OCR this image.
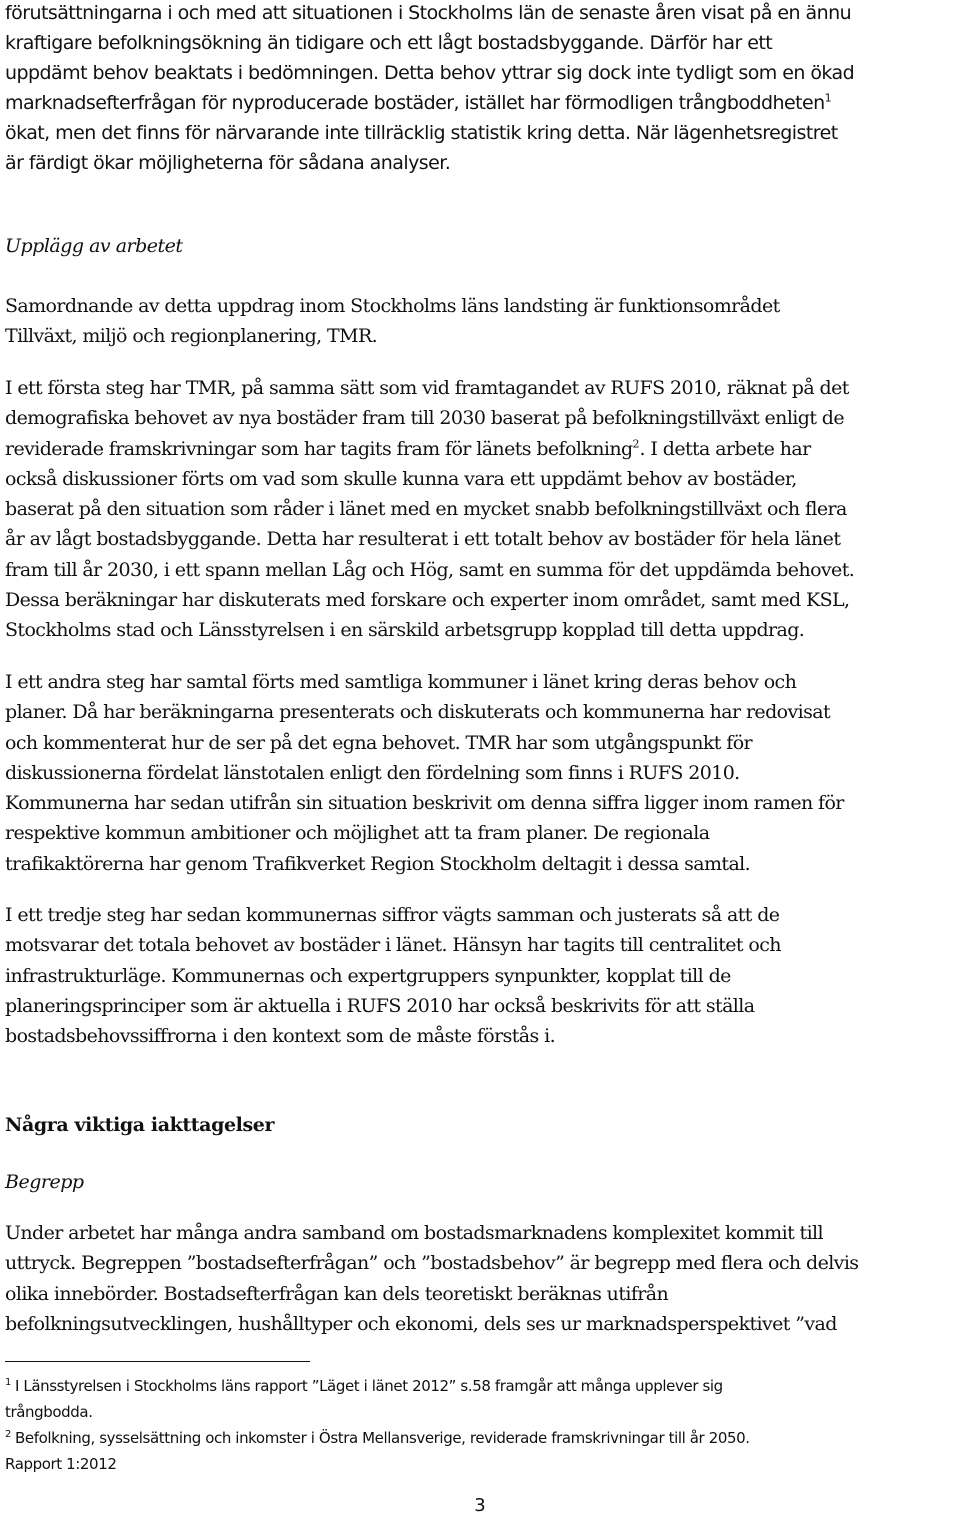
förutsättningarna i och med att situationen i Stockholms län de senaste åren visat på en ännu
kraftigare befolkningsökning än tidigare och ett lågt bostadsbyggande. Därför har ett
uppdämt behov beaktats i bedömningen. Detta behov yttrar sig dock inte tydligt som en ökad
marknadsefterfrågan för nyproducerade bostäder, istället har förmodligen trångboddheten$^1$
ökat, men det finns för närvarande inte tillräcklig statistik kring detta. När lägenhetsregistret
är färdigt ökar möjligheterna för sådana analyser.

Upplägg av arbetet

Samordnande av detta uppdrag inom Stockholms läns landsting är funktionsområdet
Tillväxt, miljö och regionplanering, TMR.

I ett första steg har TMR, på samma sätt som vid framtagandet av RUFS 2010, räknat på det
demografiska behovet av nya bostäder fram till 2030 baserat på befolkningstillväxt enligt de
reviderade framskrivningar som har tagits fram för länets befolkning$^2$. I detta arbete har
också diskussioner förts om vad som skulle kunna vara ett uppdämt behov av bostäder,
baserat på den situation som råder i länet med en mycket snabb befolkningstillväxt och flera
år av lågt bostadsbyggande. Detta har resulterat i ett totalt behov av bostäder för hela länet
fram till år 2030, i ett spann mellan Låg och Hög, samt en summa för det uppdämda behovet.
Dessa beräkningar har diskuterats med forskare och experter inom området, samt med KSL,
Stockholms stad och Länsstyrelsen i en särskild arbetsgrupp kopplad till detta uppdrag.

I ett andra steg har samtal förts med samtliga kommuner i länet kring deras behov och
planer. Då har beräkningarna presenterats och diskuterats och kommunerna har redovisat
och kommenterat hur de ser på det egna behovet. TMR har som utgångspunkt för
diskussionerna fördelat länstotalen enligt den fördelning som finns i RUFS 2010.
Kommunerna har sedan utifrån sin situation beskrivit om denna siffra ligger inom ramen för
respektive kommun ambitioner och möjlighet att ta fram planer. De regionala
trafikaktörerna har genom Trafikverket Region Stockholm deltagit i dessa samtal.

I ett tredje steg har sedan kommunernas siffror vägts samman och justerats så att de
motsvarar det totala behovet av bostäder i länet. Hänsyn har tagits till centralitet och
infrastrukturläge. Kommunernas och expertgruppers synpunkter, kopplat till de
planeringsprinciper som är aktuella i RUFS 2010 har också beskrivits för att ställa
bostadsbehovssiffrorna i den kontext som de måste förstås i.

Några viktiga iakttagelser

Begrepp

Under arbetet har många andra samband om bostadsmarknadens komplexitet kommit till
uttryck. Begreppen ”bostadsefterfrågan” och ”bostadsbehov” är begrepp med flera och delvis
olika innebörder. Bostadsefterfrågan kan dels teoretiskt beräknas utifrån
befolkningsutvecklingen, hushålltyper och ekonomi, dels ses ur marknadsperspektivet ”vad

$^1$ I Länsstyrelsen i Stockholms läns rapport ”Läget i länet 2012” s.58 framgår att många upplever sig
trångbodda.

$^2$ Befolkning, sysselsättning och inkomster i Östra Mellansverige, reviderade framskrivningar till år 2050.
Rapport 1:2012

3
